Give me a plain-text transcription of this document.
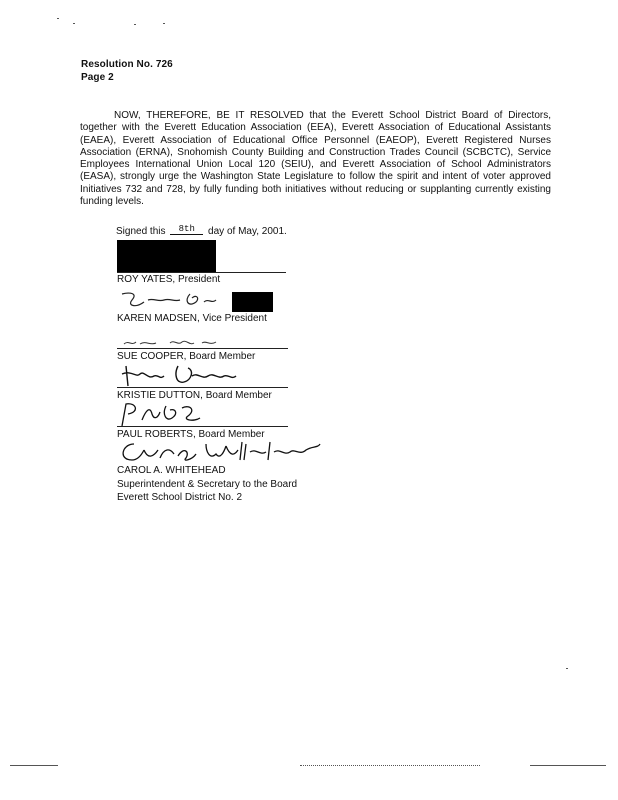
Resolution No. 726
Page 2
NOW, THEREFORE, BE IT RESOLVED that the Everett School District Board of Directors, together with the Everett Education Association (EEA), Everett Association of Educational Assistants (EAEA), Everett Association of Educational Office Personnel (EAEOP), Everett Registered Nurses Association (ERNA), Snohomish County Building and Construction Trades Council (SCBCTC), Service Employees International Union Local 120 (SEIU), and Everett Association of School Administrators (EASA), strongly urge the Washington State Legislature to follow the spirit and intent of voter approved Initiatives 732 and 728, by fully funding both initiatives without reducing or supplanting currently existing funding levels.
Signed this 8th day of May, 2001.
ROY YATES, President
KAREN MADSEN, Vice President
SUE COOPER, Board Member
KRISTIE DUTTON, Board Member
PAUL ROBERTS, Board Member
CAROL A. WHITEHEAD
Superintendent & Secretary to the Board
Everett School District No. 2
